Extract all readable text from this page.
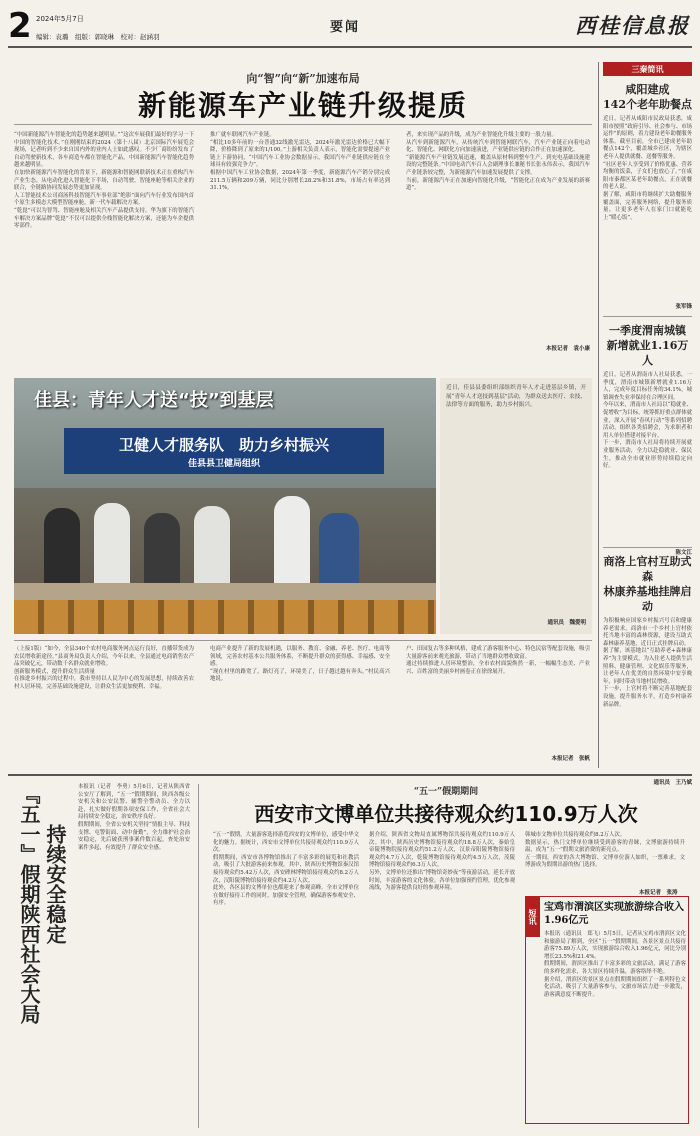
2 2024年5月7日
要闻	西桂信息报
编辑：袁璐　组版：郭晓琳　校对：赵涵羽
向“智”向“新”加速布局
新能源车产业链升级提质
“中国新能源汽车智能化的趋势越来越明显。”“这次车展我们最好的学习一下中国的智能化技术。”在刚刚结束的2024（第十八届）北京国际汽车展览会现场，记者听到不少来自国内外的业内人士如此感叹。不少厂商纷纷发布了自动驾驶新技术，各车商造车都在智能化产品，中国新能源汽车智能化趋势越来越明显。
在加快新能源汽车智能化的背景下，新能源和智能网联新技术正在重构汽车产业生态。从电动化进入智能化下半场，自动驾驶、智能座舱等相关企业的联合，全链路协同发展态势更加显现。
人工智能技术公司商汤科技智能汽车事业部“绝影”面向汽车行业发布国内首个原生多模态大模型智能座舱，新一代车载解决方案。
“乾崑”可以为智驾、智能座舱及相关汽车产品提供支持。华为旗下的智能汽车解决方案品牌“乾崑”不仅可以提供全栈智能化解决方案，还能为车企提供零部件。
推广就车联网汽车产业链。
“相比10多年前的一台普通32线激光雷达，2024年激光雷达价格已大幅下降，价格降到了原来的1/100。”上游相关负责人表示，智能化需要提速产业链上下游协同，“中国汽车工业协会数据显示，我国汽车产业链供应链在全球具有较强竞争力”。
根据中国汽车工业协会数据，2024年第一季度，新能源汽车产销分别完成211.5万辆和209万辆，同比分别增长28.2%和31.8%，市场占有率达到31.1%。
者，来实现产品的升级，成为产业智能化升级主要的一股力量。
从汽车到新能源汽车，从传统汽车到智能网联汽车，汽车产业链正向着电动化、智能化、网联化方向加速演进，产业链供应链的合作正在加速深化。
“新能源汽车产业链发展迅速，覆盖从原材料到整车生产、到充电基础设施建设的完整链条。”中国电动汽车百人会副理事长兼秘书长张永伟表示，我国汽车产业链条较完整，为新能源汽车加速发展提供了支撑。
当前，新能源汽车正在加速向智能化升级，“智能化正在成为产业发展的新赛道”。
本报记者　袁小康
卫健人才服务队　助力乡村振兴
佳县县卫健局组织
佳县：青年人才送“技”到基层
近日，佳县县委组织部组织青年人才走进基层乡镇，开展“青年人才送技到基层”活动，为群众送去医疗、农技、法律等方面的服务，助力乡村振兴。
通讯员　魏爱明
（上接1版）“如今，全县340个农村电商服务网点运行良好，直播带货成为农民增收新途径。”县商务局负责人介绍，今年以来，全县通过电商销售农产品突破亿元，带动数千名群众就业增收。
创新服务模式，提升群众生活质量
在推进乡村振兴的过程中，我市坚持以人民为中心的发展思想，持续改善农村人居环境，完善基础设施建设，让群众生活更加便利、幸福。
电商产业提升了新的发展机遇，以服务、教育、金融、养老、医疗、电商等领域，完善农村基本公共服务体系，不断提升群众的获得感、幸福感、安全感。
“现在村里的路宽了，路灯亮了，环境美了，日子越过越有奔头。”村民高兴地说。
户、田园复古等多种风格，建成了游客服务中心、特色民宿等配套设施，吸引大量游客前来观光旅游，带动了当地群众增收致富。
通过持续推进人居环境整治，全市农村面貌焕然一新，一幅幅生态美、产业兴、百姓富的美丽乡村画卷正在徐徐展开。
本报记者　张帆
三秦简讯
咸阳建成
142个老年助餐点
近日，记者从咸阳市民政局获悉，咸阳市按照“政府引导、社会参与、市场运作”的原则，着力建设老年助餐服务体系。截至目前，全市已建成老年助餐点142个，覆盖城乡社区，为辖区老年人提供就餐、送餐等服务。
“社区老年人享受到了价格优惠、营养均衡的饭菜，子女们也放心了。”在咸阳市秦都区某老年助餐点，正在就餐的老人说。
据了解，咸阳市将继续扩大助餐服务覆盖面，完善服务网络，提升服务质量，让更多老年人在家门口就能吃上“暖心饭”。
张军锋
一季度渭南城镇
新增就业1.16万人
近日，记者从渭南市人社局获悉，一季度，渭南市城镇新增就业1.16万人，完成年度目标任务的34.1%，城镇调查失业率保持在合理区间。
今年以来，渭南市人社局以“稳就业、促增收”为目标，统筹抓好重点群体就业，深入开展“春风行动”等系列招聘活动，组织各类招聘会，为求职者和用人单位搭建对接平台。
下一步，渭南市人社局将持续开展就业服务活动，全力以赴稳就业、保民生，推动全市就业形势持续稳定向好。
陈文江
商洛上官村互助式森
林康养基地挂牌启动
为积极响应国家乡村振兴号召和健康养老需求，商洛市一个乡村上官村依托当地丰富的森林资源，建设互助式森林康养基地，近日正式挂牌启动。
据了解，该基地以“互助养老+森林康养”为主要模式，为入住老人提供生活照料、健康管理、文化娱乐等服务，让老年人在优美的自然环境中安享晚年，同时带动当地村民增收。
下一步，上官村将不断完善基地配套设施，提升服务水平，打造乡村康养新品牌。
通讯员　王乃斌
『五一』假期陕西社会大局 持续安全稳定
本报讯（记者　李勇）5月6日，记者从陕西省公安厅了解到，“五一”假期期间，陕西各级公安机关和公安民警、辅警全警动员、全力以赴，扎实做好假期各项安保工作，全省社会大局持续安全稳定，治安秩序良好。
假期期间，全省公安机关坚持“情报主导、科技支撑、屯警街面、动中备勤”，全力维护社会治安稳定，先后破获刑事案件数百起，查处治安案件多起，有效提升了群众安全感。
“五一”假期期间
西安市文博单位共接待观众约110.9万人次
“五一”假期，大量游客选择游览西安的文博单位，感受中华文化的魅力。据统计，西安市文博单位共接待观众约110.9万人次。
假期期间，西安市各博物馆推出了丰富多彩的展览和社教活动，吸引了大批游客前来参观。其中，陕西历史博物馆秦汉馆接待观众约5.42万人次，西安碑林博物馆接待观众约8.2万人次，汉阳陵博物馆接待观众约4.2万人次。
此外，各区县的文博单位也都迎来了参观高峰。全市文博单位在做好接待工作的同时，加强安全管理，确保游客参观安全、有序。
据介绍，陕西省文物局直属博物馆共接待观众约110.9万人次。其中，陕西历史博物馆接待观众约18.8万人次，秦始皇帝陵博物院接待观众约51.2万人次，汉景帝阳陵博物馆接待观众约4.7万人次，乾陵博物馆接待观众约4.5万人次，茂陵博物馆接待观众约6.3万人次。
另外，文博单位还推出“博物馆奇妙夜”等夜游活动，延长开放时间，丰富游客的文化体验。各单位加强预约管理，优化参观流线，为游客提供良好的参观环境。
韩城市文物单位共接待观众约8.2万人次。
数据显示，热门文博单位继续受到游客的青睐，文博旅游持续升温，成为“五一”假期文旅消费的新亮点。
五一期间，西安的各大博物馆、文博单位游人如织，一票难求，文博游成为假期出游的热门选择。
本报记者　张涛
短讯
宝鸡市渭滨区实现旅游综合收入1.96亿元
本报讯（通讯员　郑飞）5月5日，记者从宝鸡市渭滨区文化和旅游局了解到，全区“五一”假期期间，各景区景点共接待游客75.89万人次，实现旅游综合收入1.96亿元，同比分别增长23.5%和21.4%。
假期期间，渭滨区推出了丰富多彩的文旅活动，满足了游客的多样化需求，各大景区持续升温，游客络绎不绝。
据介绍，渭滨区的景区景点在假期期间组织了一系列特色文化活动，吸引了大量游客参与，文旅市场活力进一步激发，游客满意度不断提升。
